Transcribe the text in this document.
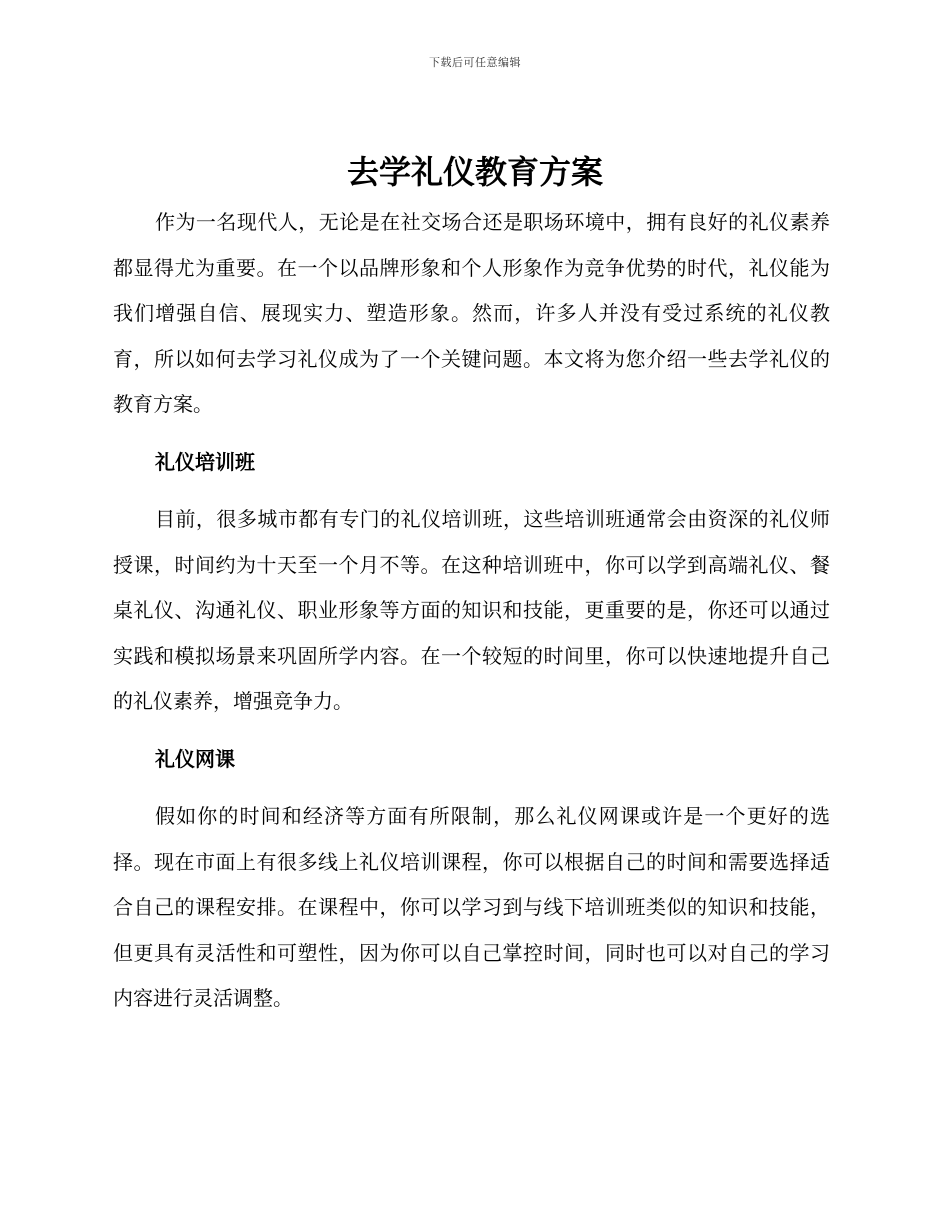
下载后可任意编辑
去学礼仪教育方案

作为一名现代人，无论是在社交场合还是职场环境中，拥有良好的礼仪素养都显得尤为重要。在一个以品牌形象和个人形象作为竞争优势的时代，礼仪能为我们增强自信、展现实力、塑造形象。然而，许多人并没有受过系统的礼仪教育，所以如何去学习礼仪成为了一个关键问题。本文将为您介绍一些去学礼仪的教育方案。

礼仪培训班

目前，很多城市都有专门的礼仪培训班，这些培训班通常会由资深的礼仪师授课，时间约为十天至一个月不等。在这种培训班中，你可以学到高端礼仪、餐桌礼仪、沟通礼仪、职业形象等方面的知识和技能，更重要的是，你还可以通过实践和模拟场景来巩固所学内容。在一个较短的时间里，你可以快速地提升自己的礼仪素养，增强竞争力。

礼仪网课

假如你的时间和经济等方面有所限制，那么礼仪网课或许是一个更好的选择。现在市面上有很多线上礼仪培训课程，你可以根据自己的时间和需要选择适合自己的课程安排。在课程中，你可以学习到与线下培训班类似的知识和技能，但更具有灵活性和可塑性，因为你可以自己掌控时间，同时也可以对自己的学习内容进行灵活调整。
